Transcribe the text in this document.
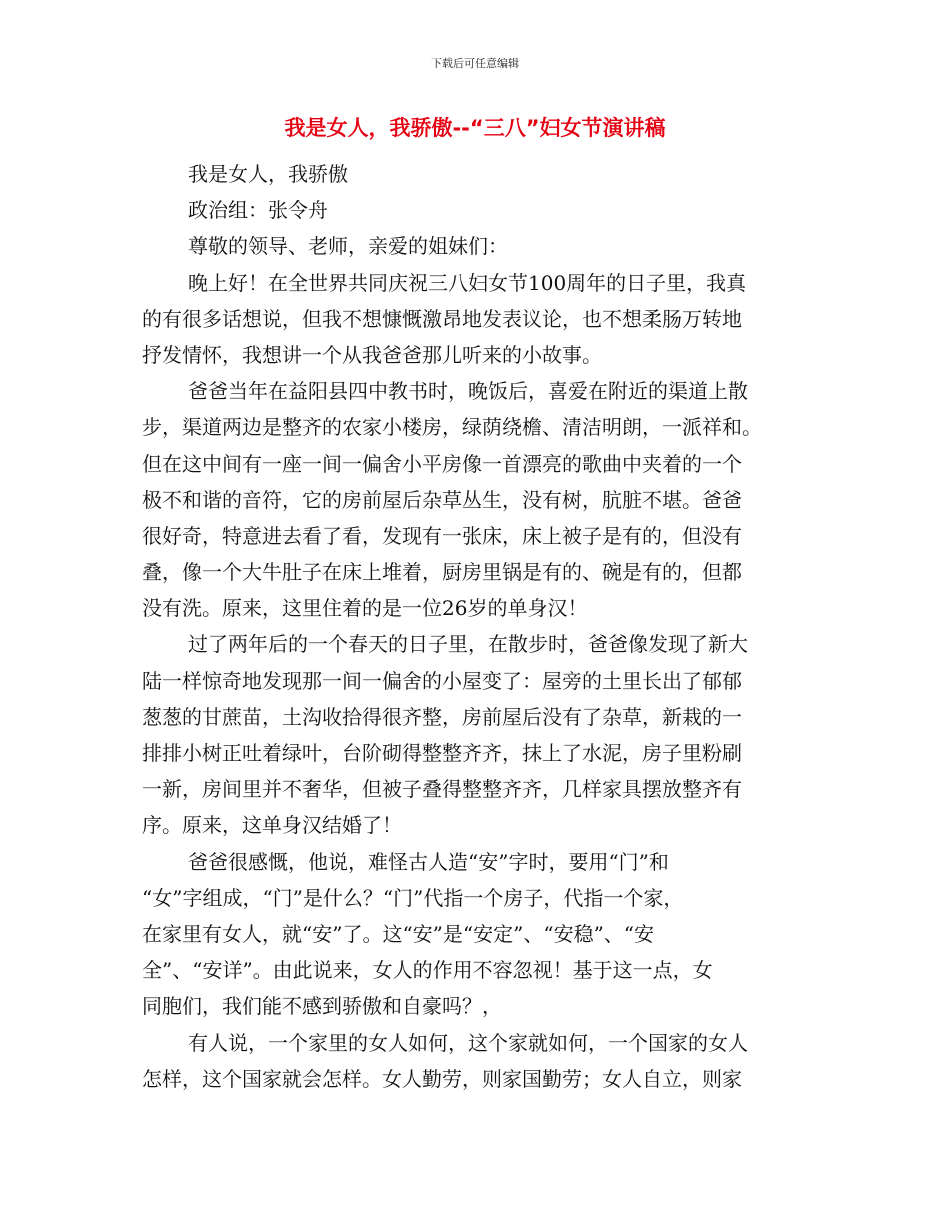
下载后可任意编辑
我是女人，我骄傲--“三八”妇女节演讲稿
我是女人，我骄傲
政治组：张令舟
尊敬的领导、老师，亲爱的姐妹们：
晚上好！在全世界共同庆祝三八妇女节100周年的日子里，我真
的有很多话想说，但我不想慷慨激昂地发表议论，也不想柔肠万转地
抒发情怀，我想讲一个从我爸爸那儿听来的小故事。
爸爸当年在益阳县四中教书时，晚饭后，喜爱在附近的渠道上散
步，渠道两边是整齐的农家小楼房，绿荫绕檐、清洁明朗，一派祥和。
但在这中间有一座一间一偏舍小平房像一首漂亮的歌曲中夹着的一个
极不和谐的音符，它的房前屋后杂草丛生，没有树，肮脏不堪。爸爸
很好奇，特意进去看了看，发现有一张床，床上被子是有的，但没有
叠，像一个大牛肚子在床上堆着，厨房里锅是有的、碗是有的，但都
没有洗。原来，这里住着的是一位26岁的单身汉！
过了两年后的一个春天的日子里，在散步时，爸爸像发现了新大
陆一样惊奇地发现那一间一偏舍的小屋变了：屋旁的土里长出了郁郁
葱葱的甘蔗苗，土沟收拾得很齐整，房前屋后没有了杂草，新栽的一
排排小树正吐着绿叶，台阶砌得整整齐齐，抹上了水泥，房子里粉刷
一新，房间里并不奢华，但被子叠得整整齐齐，几样家具摆放整齐有
序。原来，这单身汉结婚了！
爸爸很感慨，他说，难怪古人造“安”字时，要用“门”和
“女”字组成，“门”是什么？“门”代指一个房子，代指一个家，
在家里有女人，就“安”了。这“安”是“安定”、“安稳”、“安
全”、“安详”。由此说来，女人的作用不容忽视！基于这一点，女
同胞们，我们能不感到骄傲和自豪吗？，
有人说，一个家里的女人如何，这个家就如何，一个国家的女人
怎样，这个国家就会怎样。女人勤劳，则家国勤劳；女人自立，则家
